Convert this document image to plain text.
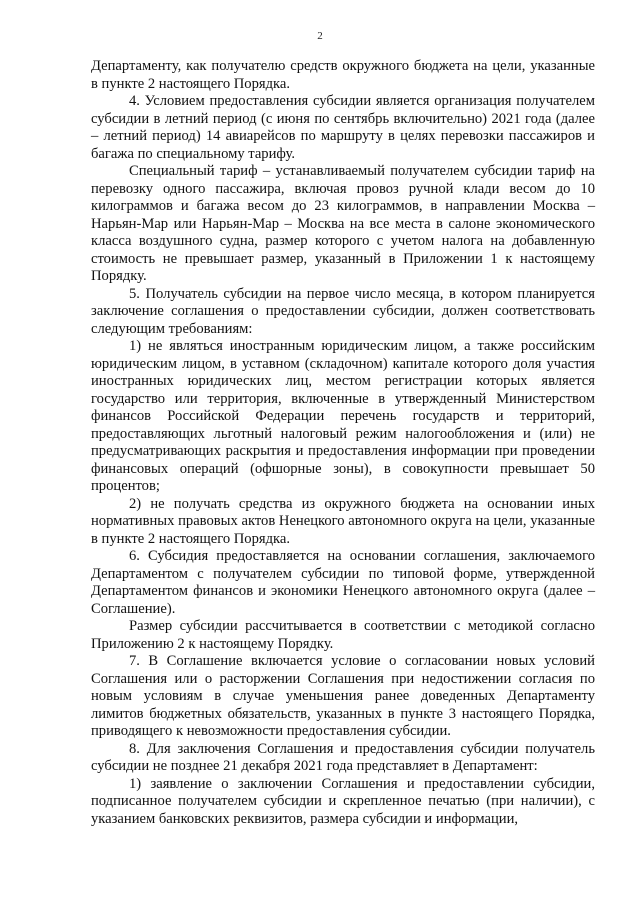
2

Департаменту, как получателю средств окружного бюджета на цели, указанные в пункте 2 настоящего Порядка.

4. Условием предоставления субсидии является организация получателем субсидии в летний период (с июня по сентябрь включительно) 2021 года (далее – летний период) 14 авиарейсов по маршруту в целях перевозки пассажиров и багажа по специальному тарифу.

Специальный тариф – устанавливаемый получателем субсидии тариф на перевозку одного пассажира, включая провоз ручной клади весом до 10 килограммов и багажа весом до 23 килограммов, в направлении Москва – Нарьян-Мар или Нарьян-Мар – Москва на все места в салоне экономического класса воздушного судна, размер которого с учетом налога на добавленную стоимость не превышает размер, указанный в Приложении 1 к настоящему Порядку.

5. Получатель субсидии на первое число месяца, в котором планируется заключение соглашения о предоставлении субсидии, должен соответствовать следующим требованиям:

1) не являться иностранным юридическим лицом, а также российским юридическим лицом, в уставном (складочном) капитале которого доля участия иностранных юридических лиц, местом регистрации которых является государство или территория, включенные в утвержденный Министерством финансов Российской Федерации перечень государств и территорий, предоставляющих льготный налоговый режим налогообложения и (или) не предусматривающих раскрытия и предоставления информации при проведении финансовых операций (офшорные зоны), в совокупности превышает 50 процентов;

2) не получать средства из окружного бюджета на основании иных нормативных правовых актов Ненецкого автономного округа на цели, указанные в пункте 2 настоящего Порядка.

6. Субсидия предоставляется на основании соглашения, заключаемого Департаментом с получателем субсидии по типовой форме, утвержденной Департаментом финансов и экономики Ненецкого автономного округа (далее – Соглашение).

Размер субсидии рассчитывается в соответствии с методикой согласно Приложению 2 к настоящему Порядку.

7. В Соглашение включается условие о согласовании новых условий Соглашения или о расторжении Соглашения при недостижении согласия по новым условиям в случае уменьшения ранее доведенных Департаменту лимитов бюджетных обязательств, указанных в пункте 3 настоящего Порядка, приводящего к невозможности предоставления субсидии.

8. Для заключения Соглашения и предоставления субсидии получатель субсидии не позднее 21 декабря 2021 года представляет в Департамент:

1) заявление о заключении Соглашения и предоставлении субсидии, подписанное получателем субсидии и скрепленное печатью (при наличии), с указанием банковских реквизитов, размера субсидии и информации,
